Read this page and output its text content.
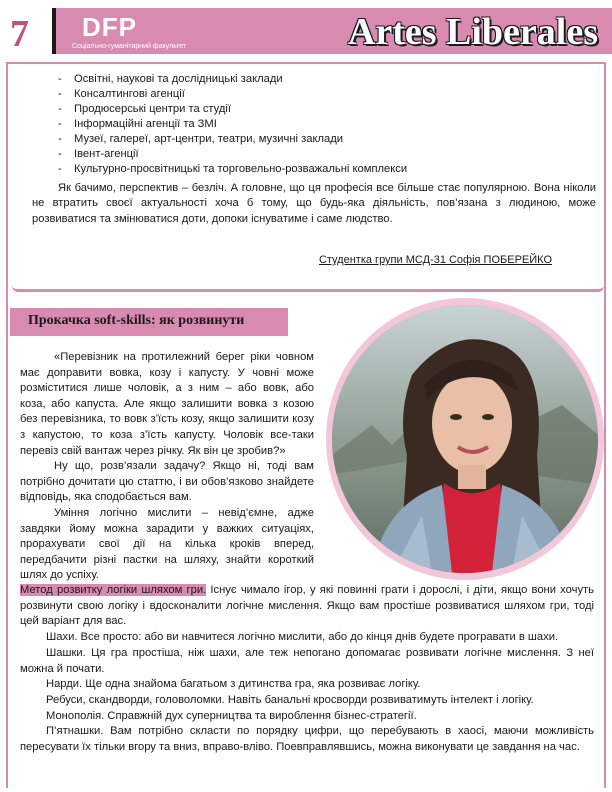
7 DFP
Соціально-гуманітарний факультет	Artes Liberales
- Освітні, наукові та дослідницькі заклади
- Консалтингові агенції
- Продюсерські центри та студії
- Інформаційні агенції та ЗМІ
- Музеї, галереї, арт-центри, театри, музичні заклади
- Івент-агенції
- Культурно-просвітницькі та торговельно-розважальні комплекси

Як бачимо, перспектив – безліч. А головне, що ця професія все більше стає популярною. Вона ніколи не втратить своєї актуальності хоча б тому, що будь-яка діяльність, пов’язана з людиною, може розвиватися та змінюватися доти, допоки існуватиме і саме людство.

Студентка групи МСД-31 Софія ПОБЕРЕЙКО
Прокачка soft-skills: як розвинути

«Перевізник на протилежний берег ріки човном має доправити вовка, козу і капусту. У човні може розміститися лише чоловік, а з ним – або вовк, або коза, або капуста. Але якщо залишити вовка з козою без перевізника, то вовк з’їсть козу, якщо залишити козу з капустою, то коза з’їсть капусту. Чоловік все-таки перевіз свій вантаж через річку. Як він це зробив?»

Ну що, розв’язали задачу? Якщо ні, тоді вам потрібно дочитати цю статтю, і ви обов’язково знайдете відповідь, яка сподобається вам.

Уміння логічно мислити – невід’ємне, адже завдяки йому можна зарадити у важких ситуаціях, прорахувати свої дії на кілька кроків вперед, передбачити різні пастки на шляху, знайти короткий шлях до успіху.

Метод розвитку логіки шляхом гри. Існує чимало ігор, у які повинні грати і дорослі, і діти, якщо вони хочуть розвинути свою логіку і вдосконалити логічне мислення. Якщо вам простіше розвиватися шляхом гри, тоді цей варіант для вас.

Шахи. Все просто: або ви навчитеся логічно мислити, або до кінця днів будете програвати в шахи.

Шашки. Ця гра простіша, ніж шахи, але теж непогано допомагає розвивати логічне мислення. З неї можна й почати.

Нарди. Ще одна знайома багатьом з дитинства гра, яка розвиває логіку.

Ребуси, скандворди, головоломки. Навіть банальні кросворди розвиватимуть інтелект і логіку.

Монополія. Справжній дух суперництва та вироблення бізнес-стратегії.

П’ятнашки. Вам потрібно скласти по порядку цифри, що перебувають в хаосі, маючи можливість пересувати їх тільки вгору та вниз, вправо-вліво. Поевправлявшись, можна виконувати це завдання на час.
